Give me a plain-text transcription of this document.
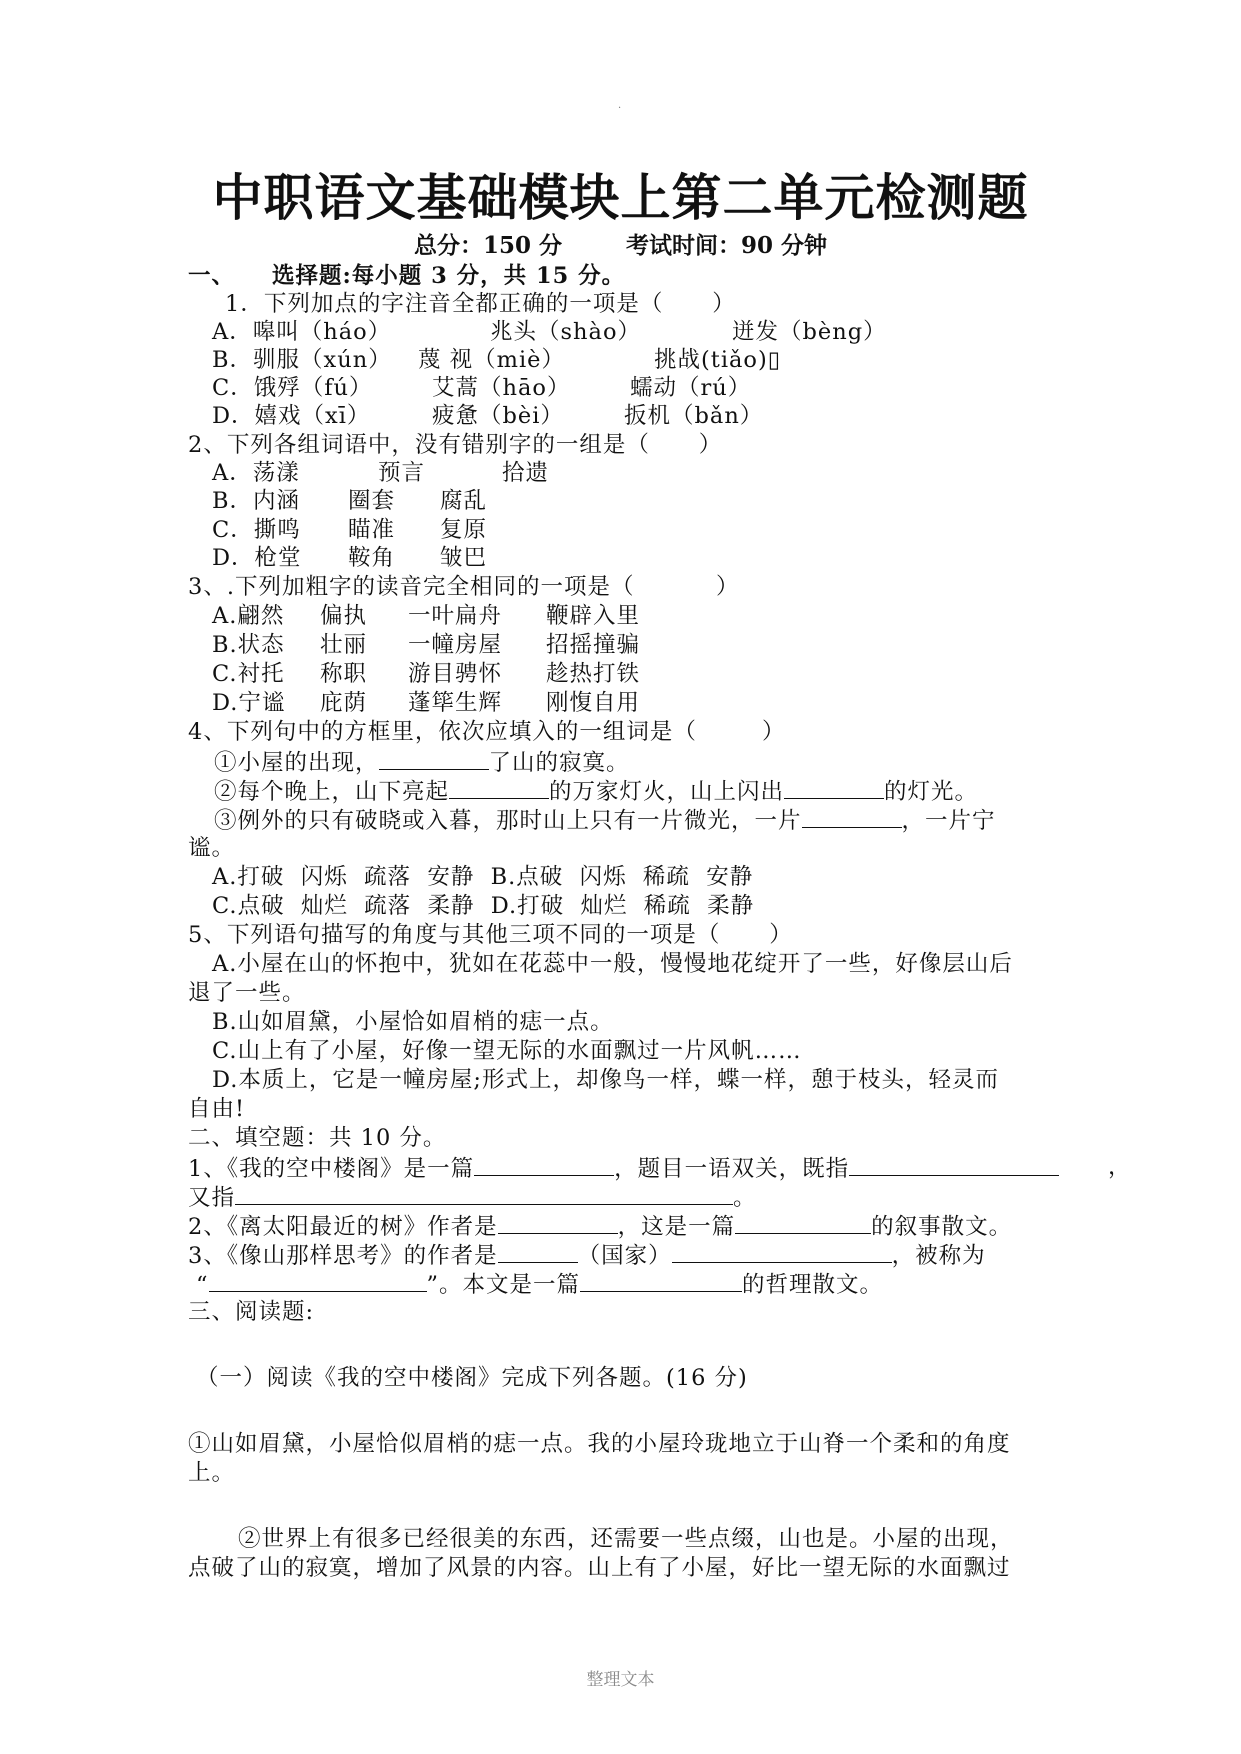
.
中职语文基础模块上第二单元检测题
总分：150 分        考试时间：90 分钟
一、 选择题:每小题 3 分，共 15 分。
1．下列加点的字注音全都正确的一项是（      ）
A．嗥叫（háo）	兆头（shào）	迸发（bèng）
B．驯服（xún） 蔑 视（miè）	挑战(tiǎo)▯
C．饿殍（fú）	艾蒿（hāo）	蠕动（rú）
D．嬉戏（xī）	疲惫（bèi）	扳机（bǎn）
2、下列各组词语中，没有错别字的一组是（      ）
A．荡漾	预言	拾遗
B．内涵 圈套 腐乱
C．撕鸣 瞄准 复原
D．枪堂 鞍角 皱巴
3、.下列加粗字的读音完全相同的一项是（          ）
A.翩然 偏执 一叶扁舟 鞭辟入里
B.状态 壮丽 一幢房屋 招摇撞骗
C.衬托 称职 游目骋怀 趁热打铁
D.宁谧 庇荫 蓬筚生辉 刚愎自用
4、下列句中的方框里，依次应填入的一组词是（        ）
①小屋的出现，	了山的寂寞。
②每个晚上，山下亮起	的万家灯火，山上闪出	的灯光。
③例外的只有破晓或入暮，那时山上只有一片微光，一片	，一片宁
谧。
A.打破  闪烁  疏落  安静  B.点破  闪烁  稀疏  安静
C.点破  灿烂  疏落  柔静  D.打破  灿烂  稀疏  柔静
5、下列语句描写的角度与其他三项不同的一项是（      ）
A.小屋在山的怀抱中，犹如在花蕊中一般，慢慢地花绽开了一些，好像层山后
退了一些。
B.山如眉黛，小屋恰如眉梢的痣一点。
C.山上有了小屋，好像一望无际的水面飘过一片风帆……
D.本质上，它是一幢房屋;形式上，却像鸟一样，蝶一样，憩于枝头，轻灵而
自由!
二、填空题：共 10 分。
1、《我的空中楼阁》是一篇	，题目一语双关，既指	，
又指	。
2、《离太阳最近的树》作者是	，这是一篇	的叙事散文。
3、《像山那样思考》的作者是	（国家）	，被称为
“	”。本文是一篇	的哲理散文。
三、阅读题:
（一）阅读《我的空中楼阁》完成下列各题。(16 分)
①山如眉黛，小屋恰似眉梢的痣一点。我的小屋玲珑地立于山脊一个柔和的角度
上。
②世界上有很多已经很美的东西，还需要一些点缀，山也是。小屋的出现，
点破了山的寂寞，增加了风景的内容。山上有了小屋，好比一望无际的水面飘过
整理文本
